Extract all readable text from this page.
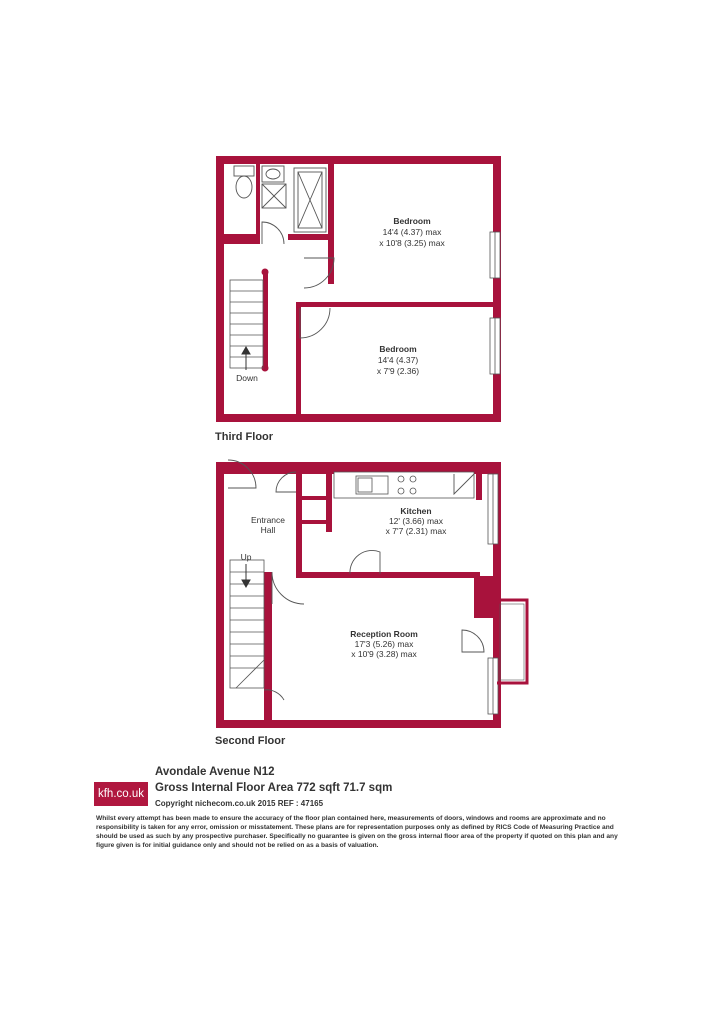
Down
Bedroom
14'4 (4.37) max
x 10'8 (3.25) max
Bedroom
14'4 (4.37)
x 7'9 (2.36)
Up
Entrance
Hall
Kitchen
12' (3.66) max
x 7'7 (2.31) max
Reception Room
17'3 (5.26) max
x 10'9 (3.28) max
Third Floor
Second Floor
kfh.co.uk
Avondale Avenue N12
Gross Internal Floor Area 772 sqft 71.7 sqm
Copyright nichecom.co.uk 2015 REF : 47165
Whilst every attempt has been made to ensure the accuracy of the floor plan contained here, measurements of doors, windows and rooms are approximate and no responsibility is taken for any error, omission or misstatement. These plans are for representation purposes only as defined by RICS Code of Measuring Practice and should be used as such by any prospective purchaser. Specifically no guarantee is given on the gross internal floor area of the property if quoted on this plan and any figure given is for initial guidance only and should not be relied on as a basis of valuation.
